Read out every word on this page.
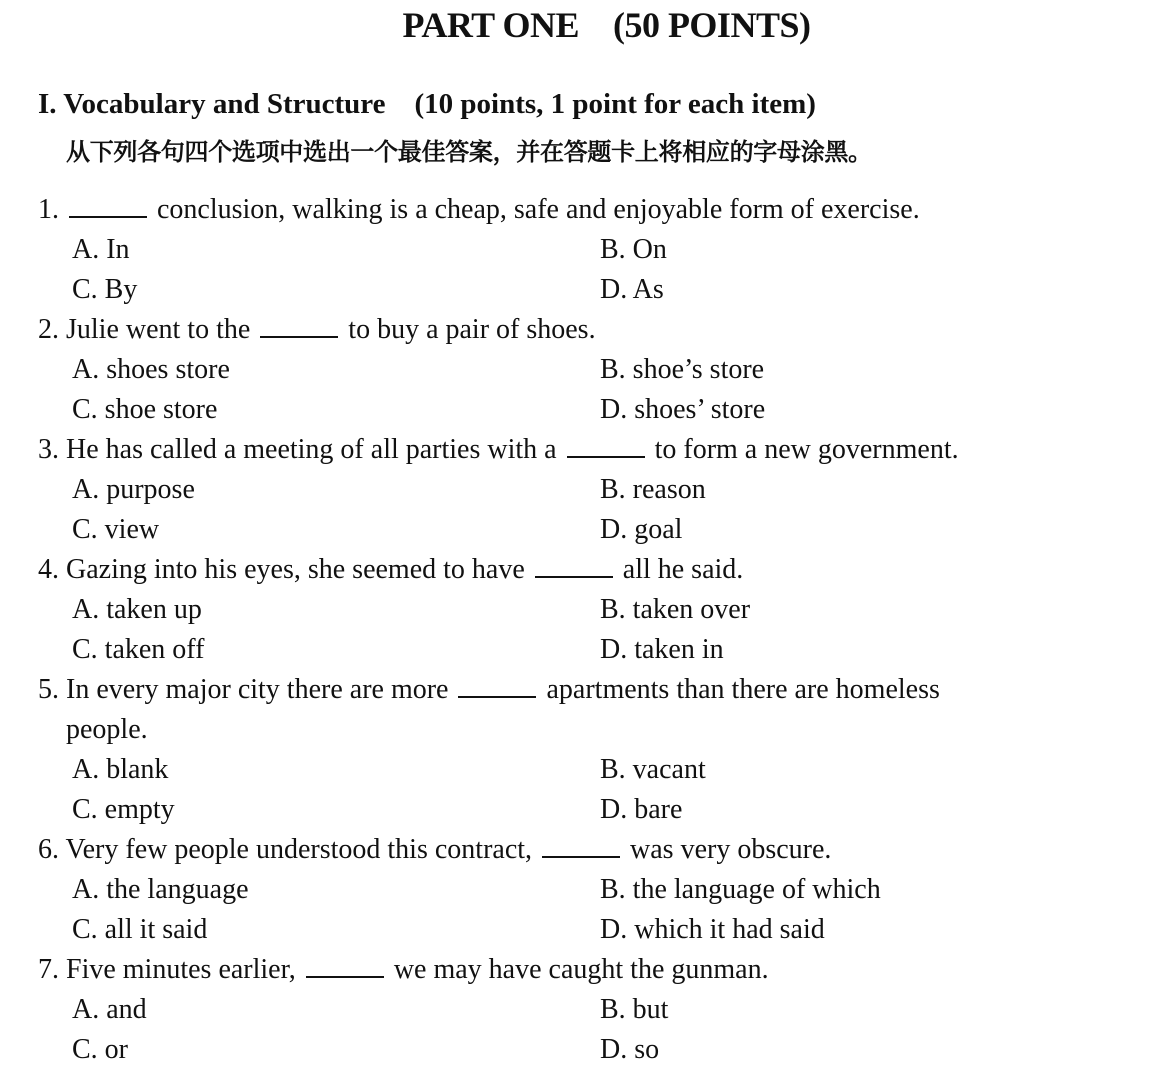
PART ONE    (50 POINTS)
I. Vocabulary and Structure    (10 points, 1 point for each item)
从下列各句四个选项中选出一个最佳答案，并在答题卡上将相应的字母涂黑。
1.	conclusion, walking is a cheap, safe and enjoyable form of exercise.
A. In	B. On
C. By	D. As
2. Julie went to the	to buy a pair of shoes.
A. shoes store	B. shoe’s store
C. shoe store	D. shoes’ store
3. He has called a meeting of all parties with a	to form a new government.
A. purpose	B. reason
C. view	D. goal
4. Gazing into his eyes, she seemed to have	all he said.
A. taken up	B. taken over
C. taken off	D. taken in
5. In every major city there are more	apartments than there are homeless
people.
A. blank	B. vacant
C. empty	D. bare
6. Very few people understood this contract,	was very obscure.
A. the language	B. the language of which
C. all it said	D. which it had said
7. Five minutes earlier,	we may have caught the gunman.
A. and	B. but
C. or	D. so
